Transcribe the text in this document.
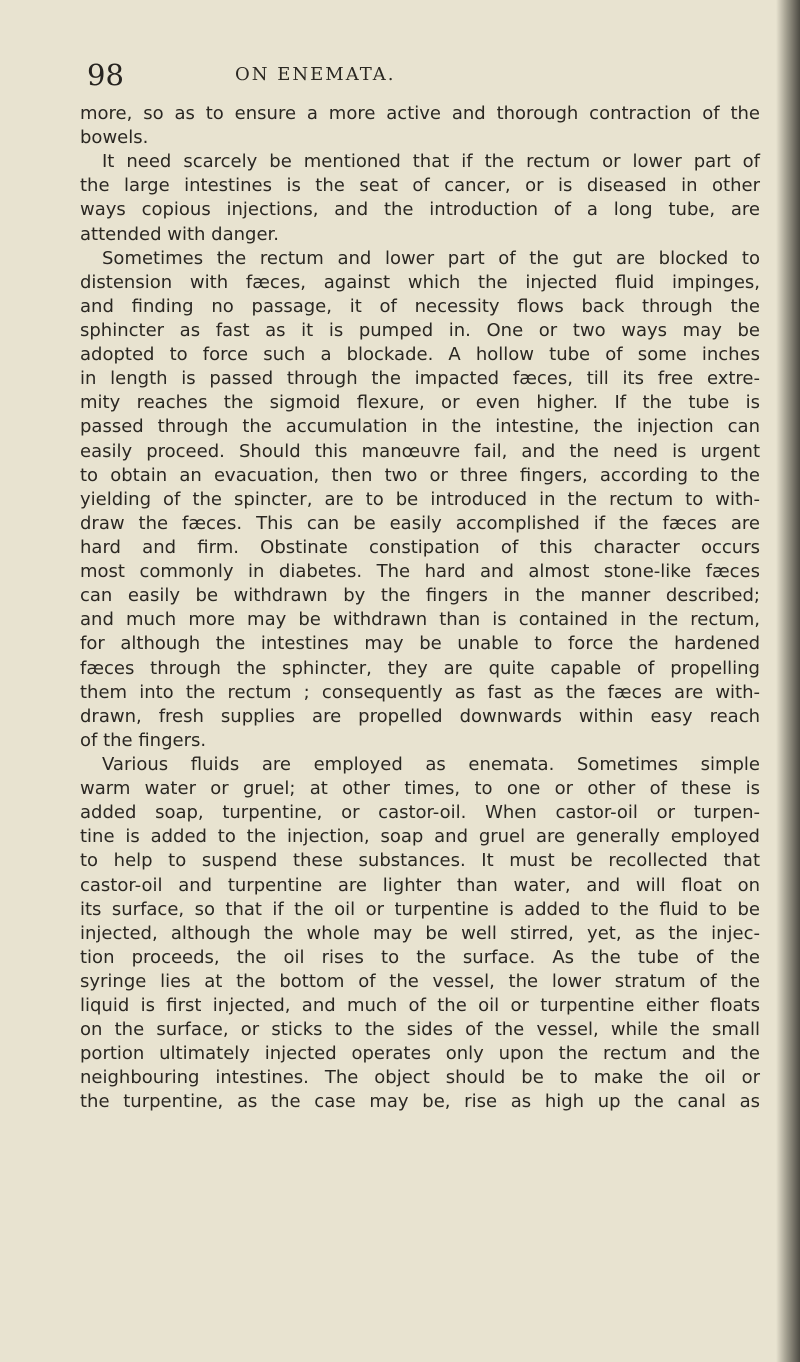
98	ON ENEMATA.
more, so as to ensure a more active and thorough contraction of the
bowels.
It need scarcely be mentioned that if the rectum or lower part of
the large intestines is the seat of cancer, or is diseased in other
ways copious injections, and the introduction of a long tube, are
attended with danger.
Sometimes the rectum and lower part of the gut are blocked to
distension with fæces, against which the injected fluid impinges,
and finding no passage, it of necessity flows back through the
sphincter as fast as it is pumped in. One or two ways may be
adopted to force such a blockade. A hollow tube of some inches
in length is passed through the impacted fæces, till its free extre-
mity reaches the sigmoid flexure, or even higher. If the tube is
passed through the accumulation in the intestine, the injection can
easily proceed. Should this manœuvre fail, and the need is urgent
to obtain an evacuation, then two or three fingers, according to the
yielding of the spincter, are to be introduced in the rectum to with-
draw the fæces. This can be easily accomplished if the fæces are
hard and firm. Obstinate constipation of this character occurs
most commonly in diabetes. The hard and almost stone-like fæces
can easily be withdrawn by the fingers in the manner described;
and much more may be withdrawn than is contained in the rectum,
for although the intestines may be unable to force the hardened
fæces through the sphincter, they are quite capable of propelling
them into the rectum ; consequently as fast as the fæces are with-
drawn, fresh supplies are propelled downwards within easy reach
of the fingers.
Various fluids are employed as enemata. Sometimes simple
warm water or gruel; at other times, to one or other of these is
added soap, turpentine, or castor-oil. When castor-oil or turpen-
tine is added to the injection, soap and gruel are generally employed
to help to suspend these substances. It must be recollected that
castor-oil and turpentine are lighter than water, and will float on
its surface, so that if the oil or turpentine is added to the fluid to be
injected, although the whole may be well stirred, yet, as the injec-
tion proceeds, the oil rises to the surface. As the tube of the
syringe lies at the bottom of the vessel, the lower stratum of the
liquid is first injected, and much of the oil or turpentine either floats
on the surface, or sticks to the sides of the vessel, while the small
portion ultimately injected operates only upon the rectum and the
neighbouring intestines. The object should be to make the oil or
the turpentine, as the case may be, rise as high up the canal as
